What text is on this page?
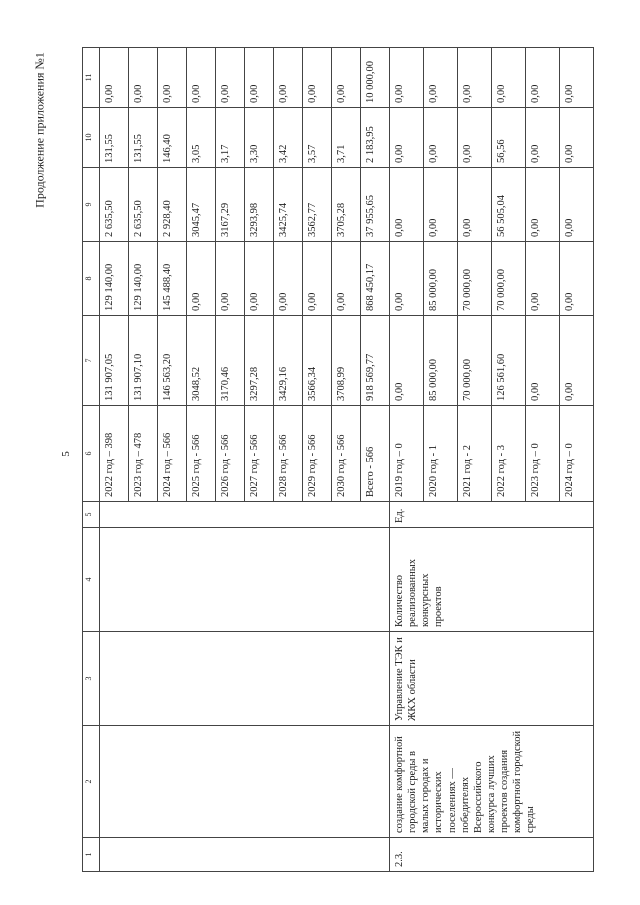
5
Продолжение приложения №1
1	2	3	4	5	6	7	8	9	10	11
					2022 год – 398	131 907,05	129 140,00	2 635,50	131,55	0,00
					2023 год – 478	131 907,10	129 140,00	2 635,50	131,55	0,00
					2024 год – 566	146 563,20	145 488,40	2 928,40	146,40	0,00
					2025 год - 566	3048,52	0,00	3045,47	3,05	0,00
					2026 год - 566	3170,46	0,00	3167,29	3,17	0,00
					2027 год - 566	3297,28	0,00	3293,98	3,30	0,00
					2028 год - 566	3429,16	0,00	3425,74	3,42	0,00
					2029 год - 566	3566,34	0,00	3562,77	3,57	0,00
					2030 год - 566	3708,99	0,00	3705,28	3,71	0,00
					Всего - 566	918 569,77	868 450,17	37 955,65	2 183,95	10 000,00
2.3.	создание комфортной городской среды в малых городах и исторических поселениях — победителях Всероссийского конкурса лучших проектов создания комфортной городской среды	Управление ТЭК и ЖКХ области	Количество реализованных конкурсных проектов	Ед.	2019 год – 0	0,00	0,00	0,00	0,00	0,00
					2020 год - 1	85 000,00	85 000,00	0,00	0,00	0,00
					2021 год - 2	70 000,00	70 000,00	0,00	0,00	0,00
					2022 год - 3	126 561,60	70 000,00	56 505,04	56,56	0,00
					2023 год – 0	0,00	0,00	0,00	0,00	0,00
					2024 год – 0	0,00	0,00	0,00	0,00	0,00
